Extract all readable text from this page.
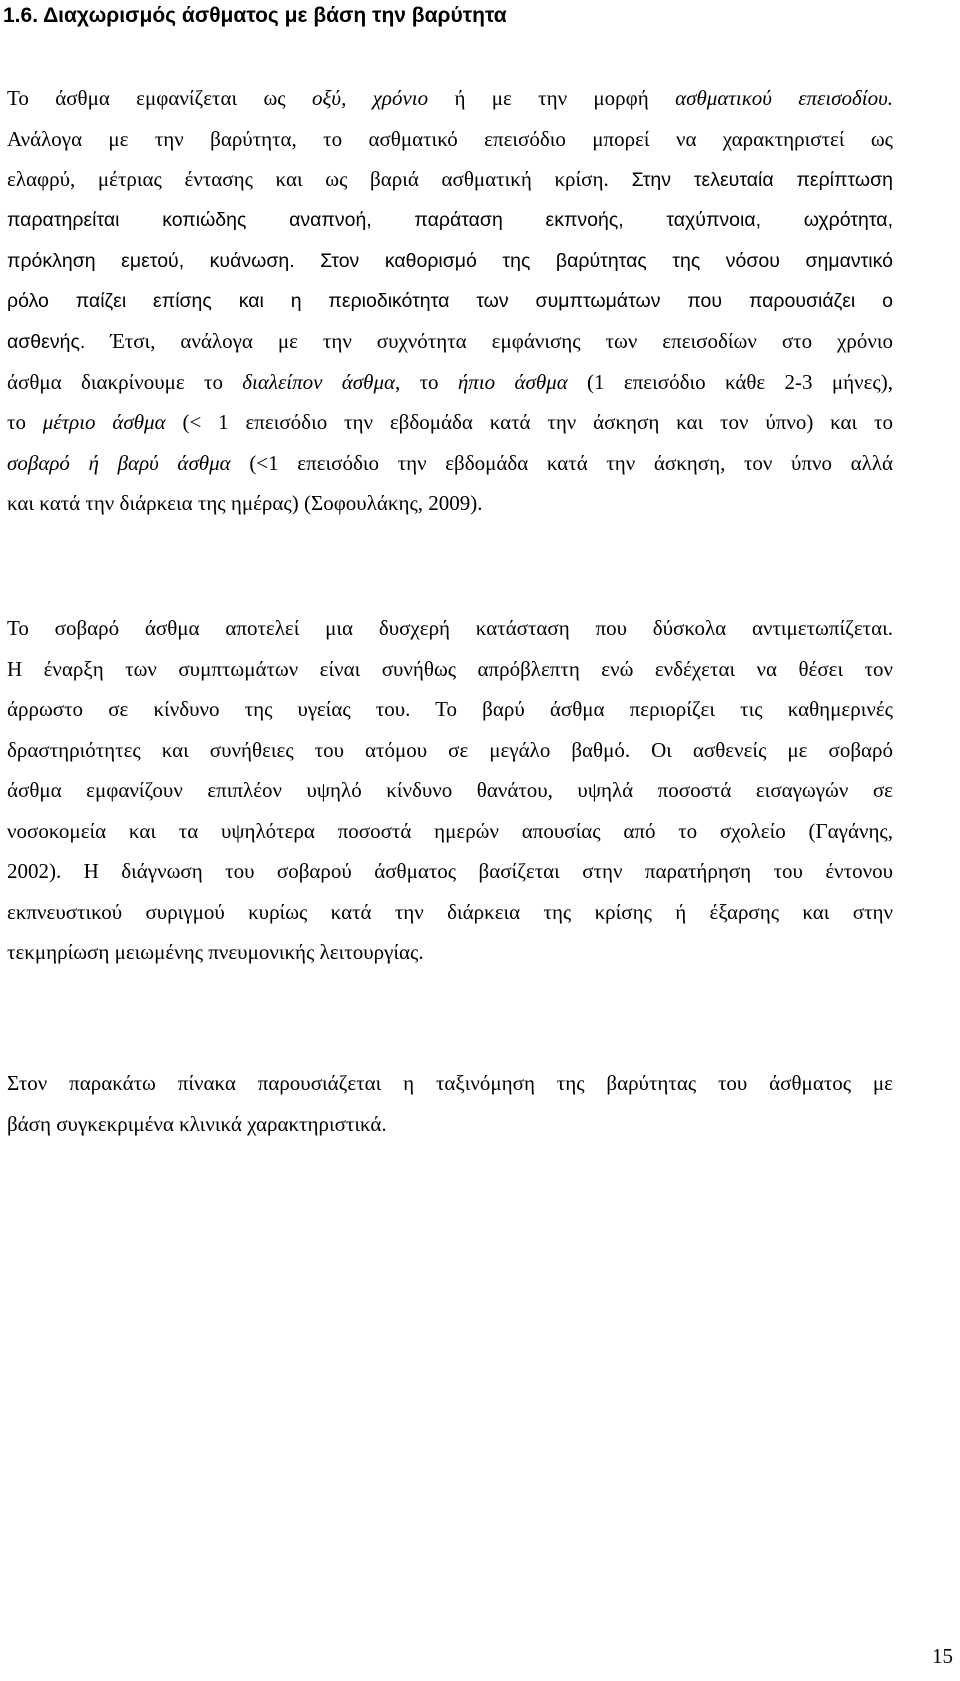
1.6. Διαχωρισμός άσθματος με βάση την βαρύτητα
Το άσθμα εμφανίζεται ως οξύ, χρόνιο ή με την μορφή ασθματικού επεισοδίου.
Ανάλογα με την βαρύτητα, το ασθματικό επεισόδιο μπορεί να χαρακτηριστεί ως
ελαφρύ, μέτριας έντασης και ως βαριά ασθματική κρίση. Στην τελευταία περίπτωση
παρατηρείται κοπιώδης αναπνοή, παράταση εκπνοής, ταχύπνοια, ωχρότητα,
πρόκληση εμετού, κυάνωση. Στον καθορισμό της βαρύτητας της νόσου σημαντικό
ρόλο παίζει επίσης και η περιοδικότητα των συμπτωμάτων που παρουσιάζει ο
ασθενής. Έτσι, ανάλογα με την συχνότητα εμφάνισης των επεισοδίων στο χρόνιο
άσθμα διακρίνουμε το διαλείπον άσθμα, το ήπιο άσθμα (1 επεισόδιο κάθε 2-3 μήνες),
το μέτριο άσθμα (< 1 επεισόδιο την εβδομάδα κατά την άσκηση και τον ύπνο) και το
σοβαρό ή βαρύ άσθμα (<1 επεισόδιο την εβδομάδα κατά την άσκηση, τον ύπνο αλλά
και κατά την διάρκεια της ημέρας) (Σοφουλάκης, 2009).
Το σοβαρό άσθμα αποτελεί μια δυσχερή κατάσταση που δύσκολα αντιμετωπίζεται.
Η έναρξη των συμπτωμάτων είναι συνήθως απρόβλεπτη ενώ ενδέχεται να θέσει τον
άρρωστο σε κίνδυνο της υγείας του. Το βαρύ άσθμα περιορίζει τις καθημερινές
δραστηριότητες και συνήθειες του ατόμου σε μεγάλο βαθμό. Οι ασθενείς με σοβαρό
άσθμα εμφανίζουν επιπλέον υψηλό κίνδυνο θανάτου, υψηλά ποσοστά εισαγωγών σε
νοσοκομεία και τα υψηλότερα ποσοστά ημερών απουσίας από το σχολείο (Γαγάνης,
2002). Η διάγνωση του σοβαρού άσθματος βασίζεται στην παρατήρηση του έντονου
εκπνευστικού συριγμού κυρίως κατά την διάρκεια της κρίσης ή έξαρσης και στην
τεκμηρίωση μειωμένης πνευμονικής λειτουργίας.
Στον παρακάτω πίνακα παρουσιάζεται η ταξινόμηση της βαρύτητας του άσθματος με
βάση συγκεκριμένα κλινικά χαρακτηριστικά.
15
